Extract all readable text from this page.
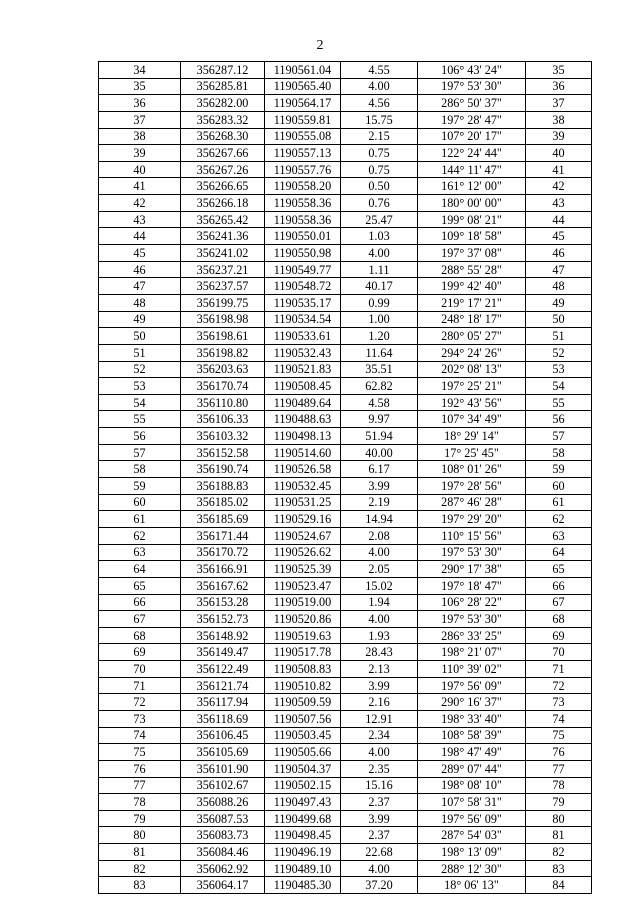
2
34	356287.12	1190561.04	4.55	106° 43' 24"	35
35	356285.81	1190565.40	4.00	197° 53' 30"	36
36	356282.00	1190564.17	4.56	286° 50' 37"	37
37	356283.32	1190559.81	15.75	197° 28' 47"	38
38	356268.30	1190555.08	2.15	107° 20' 17"	39
39	356267.66	1190557.13	0.75	122° 24' 44"	40
40	356267.26	1190557.76	0.75	144° 11' 47"	41
41	356266.65	1190558.20	0.50	161° 12' 00"	42
42	356266.18	1190558.36	0.76	180° 00' 00"	43
43	356265.42	1190558.36	25.47	199° 08' 21"	44
44	356241.36	1190550.01	1.03	109° 18' 58"	45
45	356241.02	1190550.98	4.00	197° 37' 08"	46
46	356237.21	1190549.77	1.11	288° 55' 28"	47
47	356237.57	1190548.72	40.17	199° 42' 40"	48
48	356199.75	1190535.17	0.99	219° 17' 21"	49
49	356198.98	1190534.54	1.00	248° 18' 17"	50
50	356198.61	1190533.61	1.20	280° 05' 27"	51
51	356198.82	1190532.43	11.64	294° 24' 26"	52
52	356203.63	1190521.83	35.51	202° 08' 13"	53
53	356170.74	1190508.45	62.82	197° 25' 21"	54
54	356110.80	1190489.64	4.58	192° 43' 56"	55
55	356106.33	1190488.63	9.97	107° 34' 49"	56
56	356103.32	1190498.13	51.94	18° 29' 14"	57
57	356152.58	1190514.60	40.00	17° 25' 45"	58
58	356190.74	1190526.58	6.17	108° 01' 26"	59
59	356188.83	1190532.45	3.99	197° 28' 56"	60
60	356185.02	1190531.25	2.19	287° 46' 28"	61
61	356185.69	1190529.16	14.94	197° 29' 20"	62
62	356171.44	1190524.67	2.08	110° 15' 56"	63
63	356170.72	1190526.62	4.00	197° 53' 30"	64
64	356166.91	1190525.39	2.05	290° 17' 38"	65
65	356167.62	1190523.47	15.02	197° 18' 47"	66
66	356153.28	1190519.00	1.94	106° 28' 22"	67
67	356152.73	1190520.86	4.00	197° 53' 30"	68
68	356148.92	1190519.63	1.93	286° 33' 25"	69
69	356149.47	1190517.78	28.43	198° 21' 07"	70
70	356122.49	1190508.83	2.13	110° 39' 02"	71
71	356121.74	1190510.82	3.99	197° 56' 09"	72
72	356117.94	1190509.59	2.16	290° 16' 37"	73
73	356118.69	1190507.56	12.91	198° 33' 40"	74
74	356106.45	1190503.45	2.34	108° 58' 39"	75
75	356105.69	1190505.66	4.00	198° 47' 49"	76
76	356101.90	1190504.37	2.35	289° 07' 44"	77
77	356102.67	1190502.15	15.16	198° 08' 10"	78
78	356088.26	1190497.43	2.37	107° 58' 31"	79
79	356087.53	1190499.68	3.99	197° 56' 09"	80
80	356083.73	1190498.45	2.37	287° 54' 03"	81
81	356084.46	1190496.19	22.68	198° 13' 09"	82
82	356062.92	1190489.10	4.00	288° 12' 30"	83
83	356064.17	1190485.30	37.20	18° 06' 13"	84
